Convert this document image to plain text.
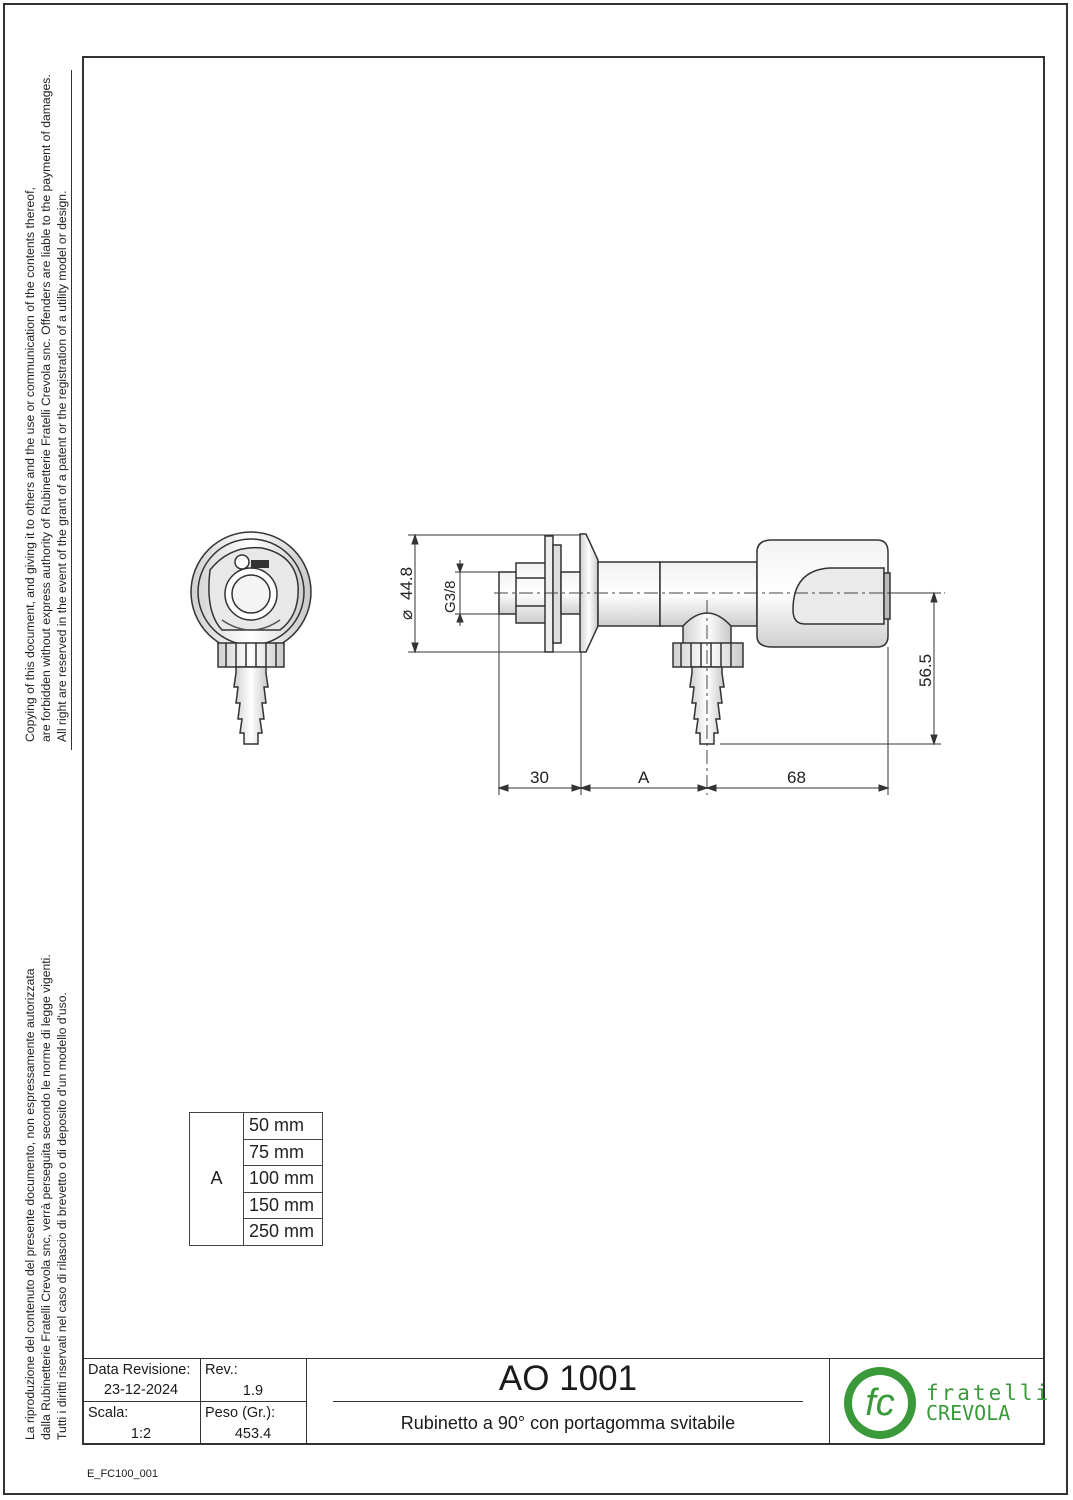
Copying of this document, and giving it to others and the use or communication of the contents thereof, are forbidden without express authority of Rubinetterie Fratelli Crevola snc. Offenders are liable to the payment of damages. All right are reserved in the event of the grant of a patent or the registration of a utility model or design.
La riproduzione del contenuto del presente documento, non espressamente autorizzata dalla Rubinetterie Fratelli Crevola snc, verrà perseguita secondo le norme di legge vigenti. Tutti i diritti riservati nel caso di rilascio di brevetto o di deposito d'un modello d'uso.
⌀
44.8 G3/8
56.5
30	A	68
A	50 mm
75 mm
100 mm
150 mm
250 mm
Data Revisione:
23-12-2024
Rev.:
1.9
Scala:
1:2
Peso (Gr.):
453.4
AO 1001
Rubinetto a 90° con portagomma svitabile	fc fratelli
CREVOLA
E_FC100_001
